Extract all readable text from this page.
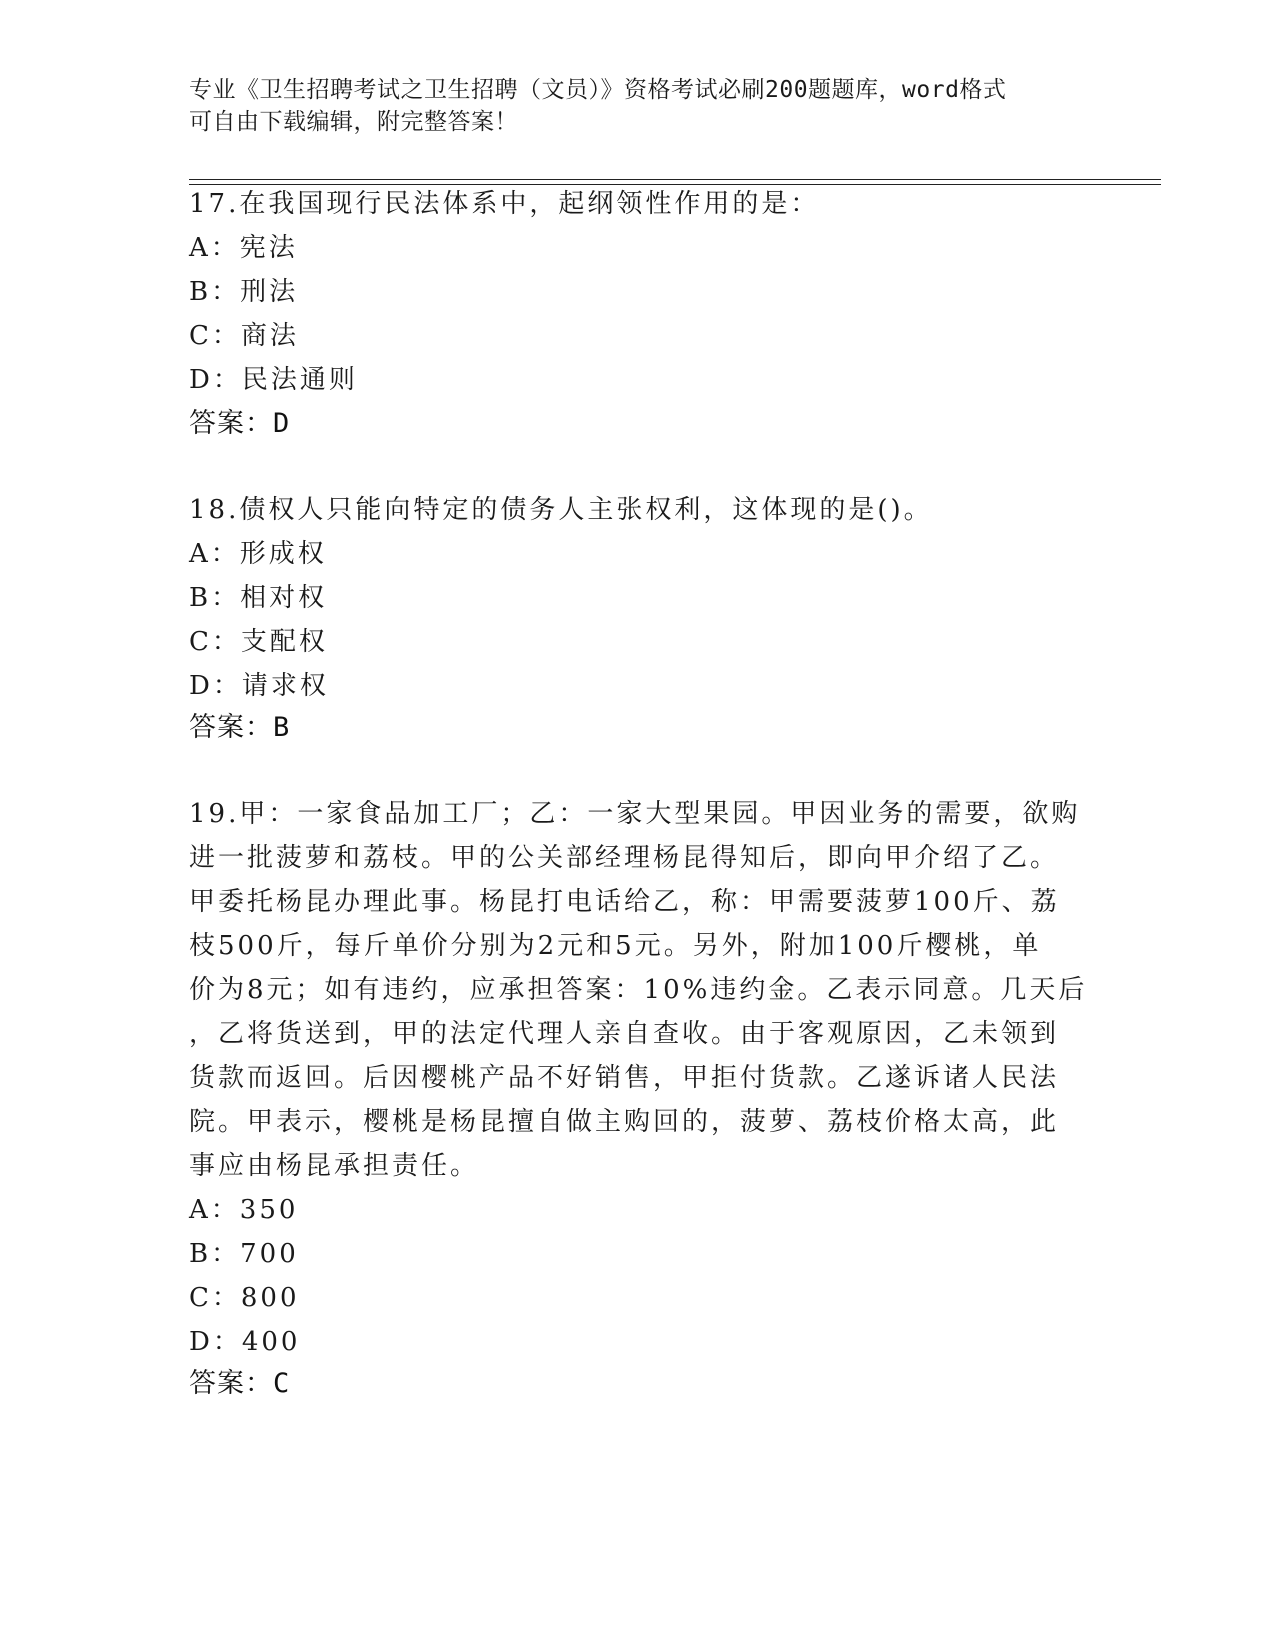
专业《卫生招聘考试之卫生招聘（文员）》资格考试必刷200题题库，word格式
可自由下载编辑，附完整答案！
17.在我国现行民法体系中，起纲领性作用的是：
A：宪法
B：刑法
C：商法
D：民法通则
答案：D
18.债权人只能向特定的债务人主张权利，这体现的是()。
A：形成权
B：相对权
C：支配权
D：请求权
答案：B
19.甲：一家食品加工厂；乙：一家大型果园。甲因业务的需要，欲购
进一批菠萝和荔枝。甲的公关部经理杨昆得知后，即向甲介绍了乙。
甲委托杨昆办理此事。杨昆打电话给乙，称：甲需要菠萝100斤、荔
枝500斤，每斤单价分别为2元和5元。另外，附加100斤樱桃，单
价为8元；如有违约，应承担答案：10%违约金。乙表示同意。几天后
，乙将货送到，甲的法定代理人亲自查收。由于客观原因，乙未领到
货款而返回。后因樱桃产品不好销售，甲拒付货款。乙遂诉诸人民法
院。甲表示，樱桃是杨昆擅自做主购回的，菠萝、荔枝价格太高，此
事应由杨昆承担责任。
A：350
B：700
C：800
D：400
答案：C
